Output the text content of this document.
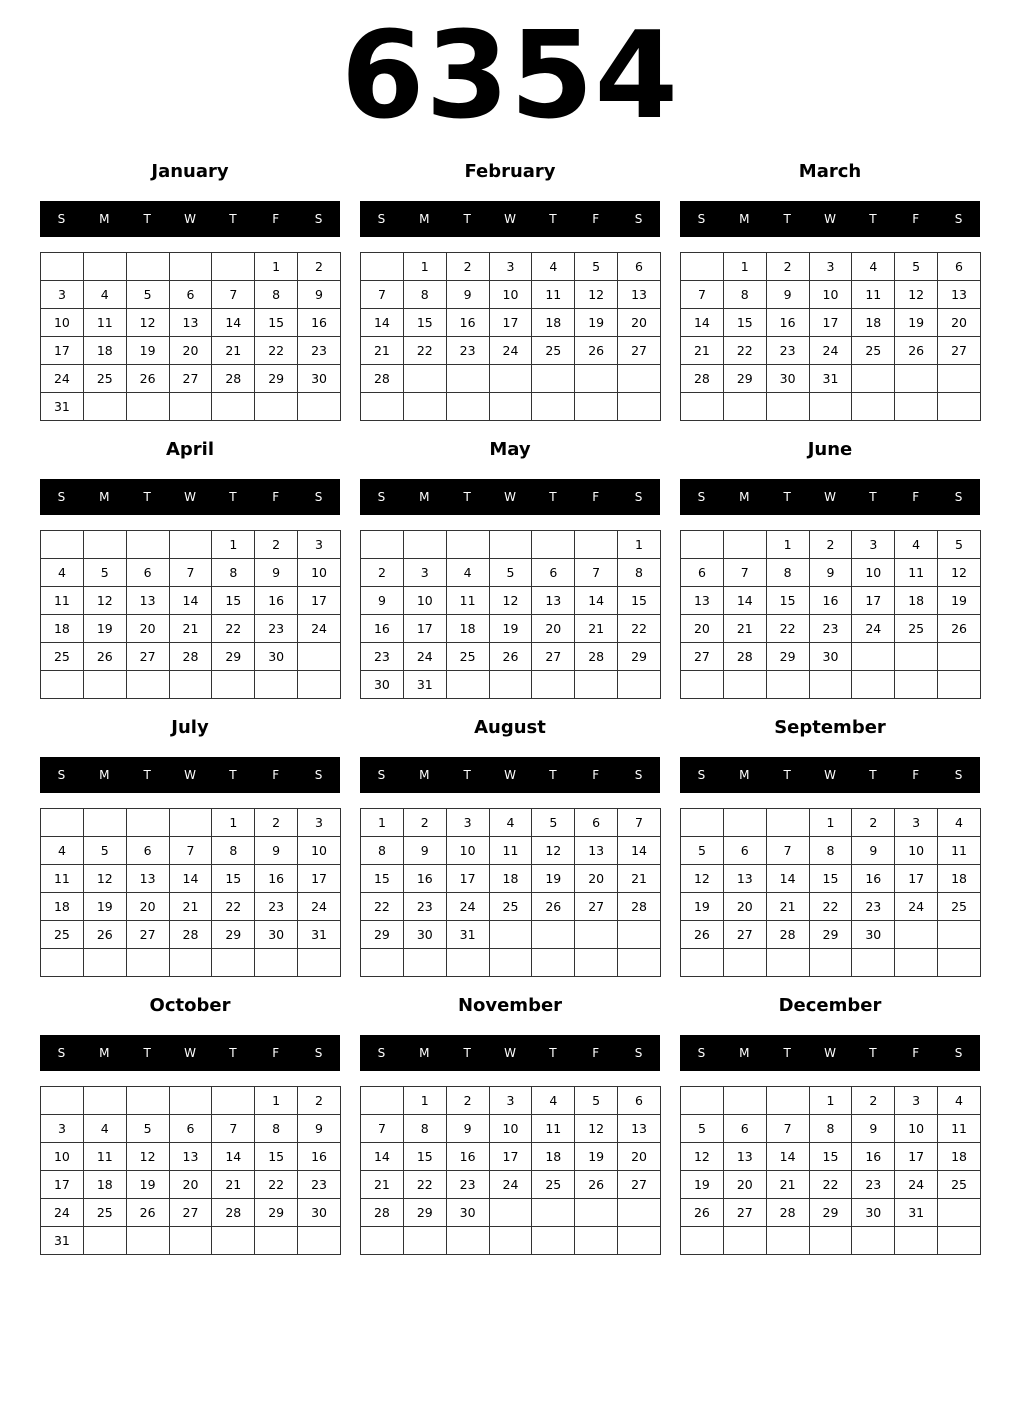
6354
January
S	M	T	W	T	F	S
					1	2
3	4	5	6	7	8	9
10	11	12	13	14	15	16
17	18	19	20	21	22	23
24	25	26	27	28	29	30
31						
February
S	M	T	W	T	F	S
	1	2	3	4	5	6
7	8	9	10	11	12	13
14	15	16	17	18	19	20
21	22	23	24	25	26	27
28						

March
S	M	T	W	T	F	S
	1	2	3	4	5	6
7	8	9	10	11	12	13
14	15	16	17	18	19	20
21	22	23	24	25	26	27
28	29	30	31			

April
S	M	T	W	T	F	S
				1	2	3
4	5	6	7	8	9	10
11	12	13	14	15	16	17
18	19	20	21	22	23	24
25	26	27	28	29	30	

May
S	M	T	W	T	F	S
						1
2	3	4	5	6	7	8
9	10	11	12	13	14	15
16	17	18	19	20	21	22
23	24	25	26	27	28	29
30	31					
June
S	M	T	W	T	F	S
		1	2	3	4	5
6	7	8	9	10	11	12
13	14	15	16	17	18	19
20	21	22	23	24	25	26
27	28	29	30			

July
S	M	T	W	T	F	S
				1	2	3
4	5	6	7	8	9	10
11	12	13	14	15	16	17
18	19	20	21	22	23	24
25	26	27	28	29	30	31

August
S	M	T	W	T	F	S
1	2	3	4	5	6	7
8	9	10	11	12	13	14
15	16	17	18	19	20	21
22	23	24	25	26	27	28
29	30	31				

September
S	M	T	W	T	F	S
			1	2	3	4
5	6	7	8	9	10	11
12	13	14	15	16	17	18
19	20	21	22	23	24	25
26	27	28	29	30		

October
S	M	T	W	T	F	S
					1	2
3	4	5	6	7	8	9
10	11	12	13	14	15	16
17	18	19	20	21	22	23
24	25	26	27	28	29	30
31						
November
S	M	T	W	T	F	S
	1	2	3	4	5	6
7	8	9	10	11	12	13
14	15	16	17	18	19	20
21	22	23	24	25	26	27
28	29	30				

December
S	M	T	W	T	F	S
			1	2	3	4
5	6	7	8	9	10	11
12	13	14	15	16	17	18
19	20	21	22	23	24	25
26	27	28	29	30	31	
